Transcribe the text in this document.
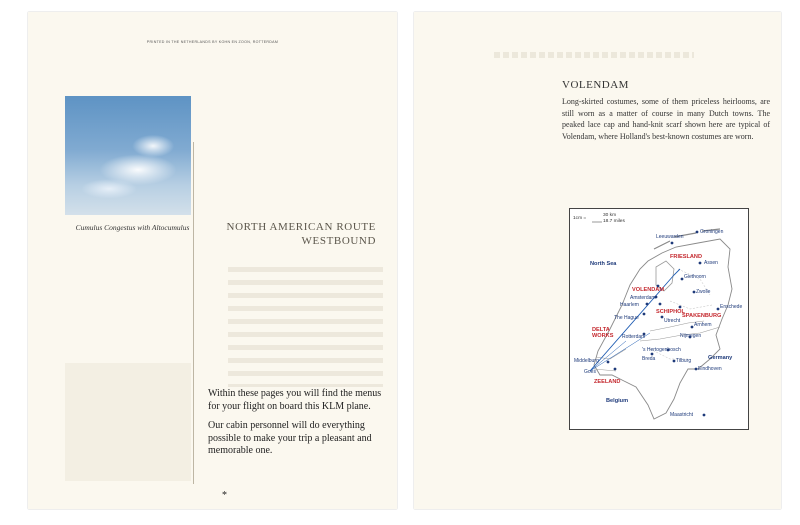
PRINTED IN THE NETHERLANDS BY KOHN EN ZOON, ROTTERDAM
Cumulus Congestus with Altocumulus	NORTH AMERICAN ROUTE
WESTBOUND

Within these pages you will find the menus for your flight on board this KLM plane.

Our cabin personnel will do everything possible to make your trip a pleasant and memorable one.

*
VOLENDAM
Long-skirted costumes, some of them priceless heirlooms, are still worn as a matter of course in many Dutch towns. The peaked lace cap and hand-knit scarf shown here are typical of Volendam, where Holland's best-known costumes are worn.
1cm =
30 km
18.7 miles
North Sea
Germany
Belgium
FRIESLAND
VOLENDAM
SCHIPHOL
SPAKENBURG
DELTA
WORKS
ZEELAND
Groningen
Leeuwarden
Assen
Giethoorn
Zwolle
Amsterdam
Haarlem
The Hague	Utrecht
Enschede
Arnhem
Nijmegen
Rotterdam
Breda
's Hertogenbosch
Tilburg
Eindhoven
Middelburg
Goes
Maastricht
